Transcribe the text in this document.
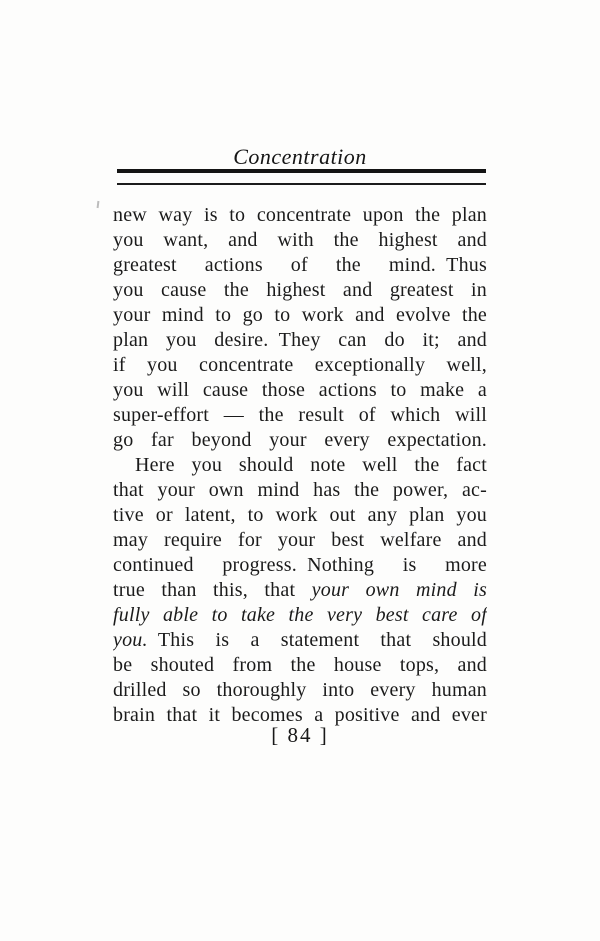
Concentration
new way is to concentrate upon the plan
you want, and with the highest and
greatest actions of the mind. Thus
you cause the highest and greatest in
your mind to go to work and evolve the
plan you desire. They can do it; and
if you concentrate exceptionally well,
you will cause those actions to make a
super-effort — the result of which will
go far beyond your every expectation.
Here you should note well the fact
that your own mind has the power, ac-
tive or latent, to work out any plan you
may require for your best welfare and
continued progress. Nothing is more
true than this, that your own mind is
fully able to take the very best care of
you. This is a statement that should
be shouted from the house tops, and
drilled so thoroughly into every human
brain that it becomes a positive and ever
[ 84 ]
